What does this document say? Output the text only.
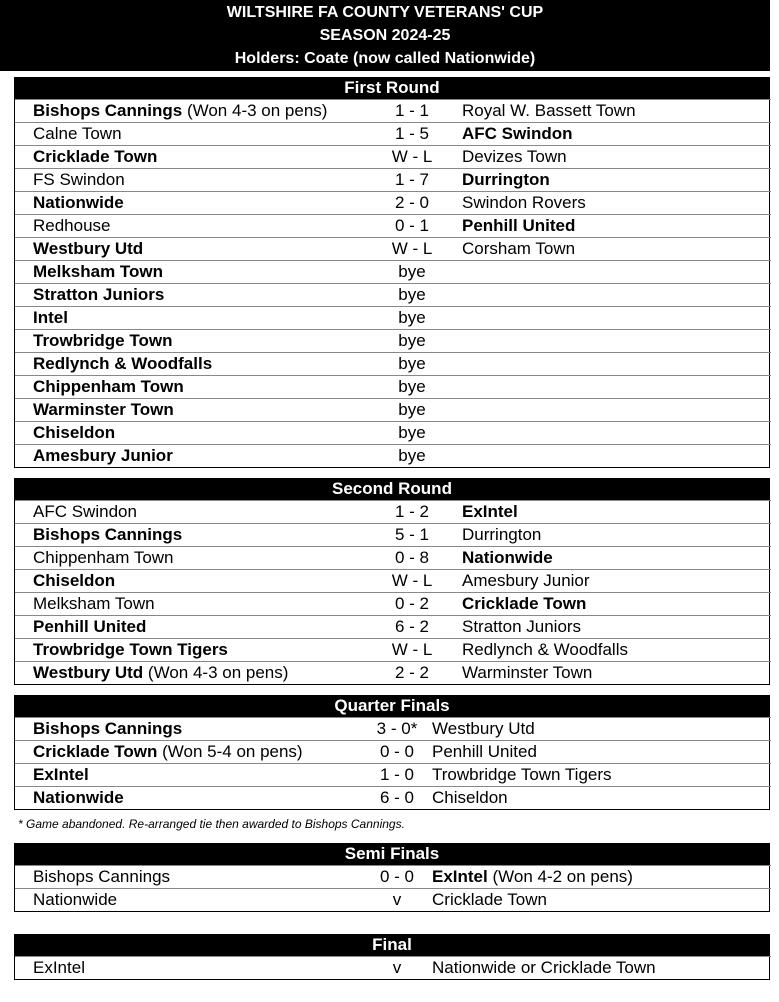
WILTSHIRE FA COUNTY VETERANS' CUP
SEASON 2024-25
Holders: Coate (now called Nationwide)
First Round
Bishops Cannings (Won 4-3 on pens)	1 - 1	Royal W. Bassett Town
Calne Town	1 - 5	AFC Swindon
Cricklade Town	W - L	Devizes Town
FS Swindon	1 - 7	Durrington
Nationwide	2 - 0	Swindon Rovers
Redhouse	0 - 1	Penhill United
Westbury Utd	W - L	Corsham Town
Melksham Town	bye	
Stratton Juniors	bye	
Intel	bye	
Trowbridge Town	bye	
Redlynch & Woodfalls	bye	
Chippenham Town	bye	
Warminster Town	bye	
Chiseldon	bye	
Amesbury Junior	bye	
Second Round
AFC Swindon	1 - 2	ExIntel
Bishops Cannings	5 - 1	Durrington
Chippenham Town	0 - 8	Nationwide
Chiseldon	W - L	Amesbury Junior
Melksham Town	0 - 2	Cricklade Town
Penhill United	6 - 2	Stratton Juniors
Trowbridge Town Tigers	W - L	Redlynch & Woodfalls
Westbury Utd (Won 4-3 on pens)	2 - 2	Warminster Town
Quarter Finals
Bishops Cannings	3 - 0*	Westbury Utd
Cricklade Town (Won 5-4 on pens)	0 - 0	Penhill United
ExIntel	1 - 0	Trowbridge Town Tigers
Nationwide	6 - 0	Chiseldon
* Game abandoned. Re-arranged tie then awarded to Bishops Cannings.
Semi Finals
Bishops Cannings	0 - 0	ExIntel (Won 4-2 on pens)
Nationwide	v	Cricklade Town
Final
ExIntel	v	Nationwide or Cricklade Town
